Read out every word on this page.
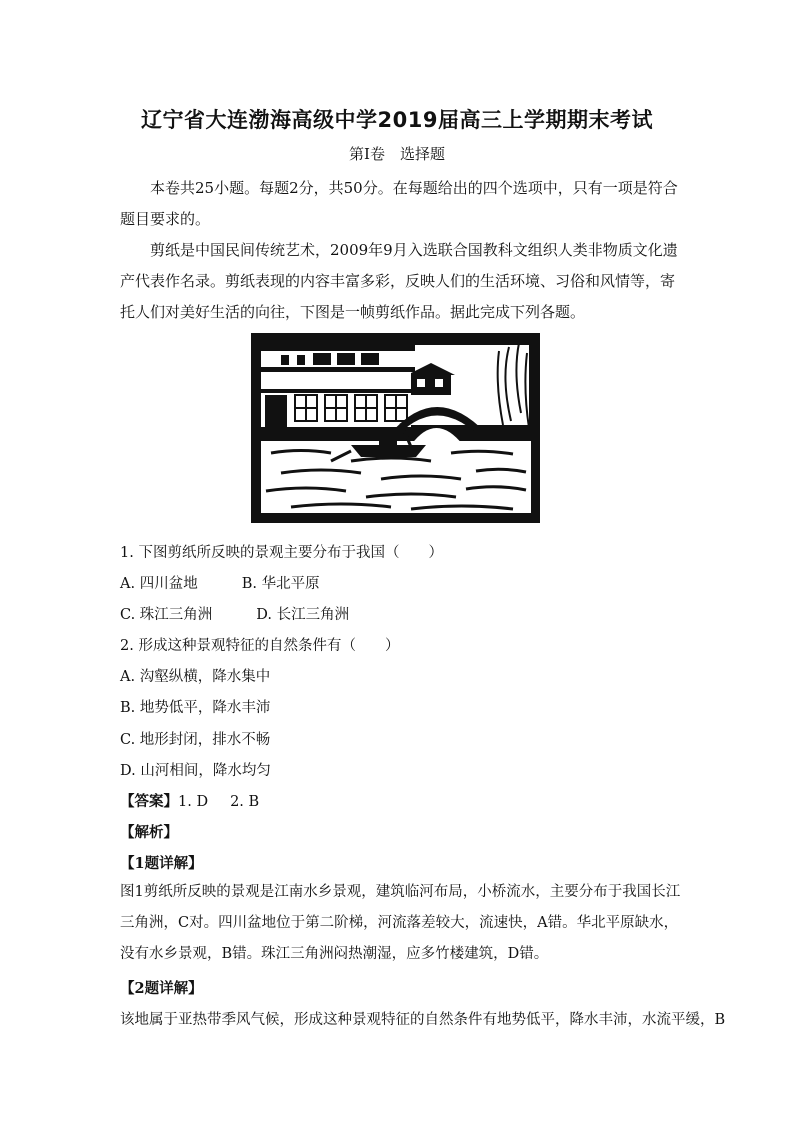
辽宁省大连渤海高级中学2019届高三上学期期末考试
第Ⅰ卷　选择题

本卷共25小题。每题2分，共50分。在每题给出的四个选项中，只有一项是符合题目要求的。

剪纸是中国民间传统艺术，2009年9月入选联合国教科文组织人类非物质文化遗产代表作名录。剪纸表现的内容丰富多彩，反映人们的生活环境、习俗和风情等，寄托人们对美好生活的向往，下图是一帧剪纸作品。据此完成下列各题。

1. 下图剪纸所反映的景观主要分布于我国（　　）

A. 四川盆地	B. 华北平原

C. 珠江三角洲	D. 长江三角洲

2. 形成这种景观特征的自然条件有（　　）

A. 沟壑纵横，降水集中

B. 地势低平，降水丰沛

C. 地形封闭，排水不畅

D. 山河相间，降水均匀

【答案】1. D 2. B

【解析】

【1题详解】

图1剪纸所反映的景观是江南水乡景观，建筑临河布局，小桥流水，主要分布于我国长江三角洲，C对。四川盆地位于第二阶梯，河流落差较大，流速快，A错。华北平原缺水，没有水乡景观，B错。珠江三角洲闷热潮湿，应多竹楼建筑，D错。

【2题详解】

该地属于亚热带季风气候，形成这种景观特征的自然条件有地势低平，降水丰沛，水流平缓，B
